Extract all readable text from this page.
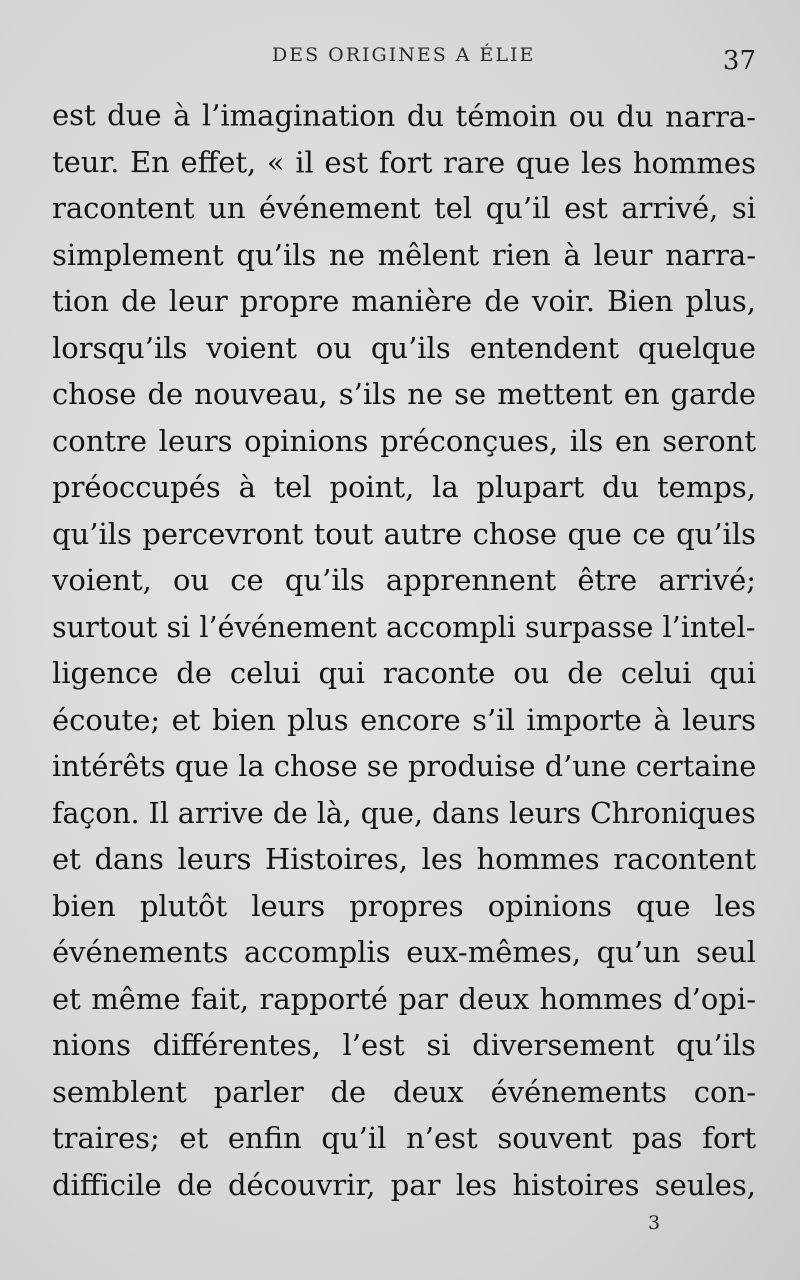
DES ORIGINES A ÉLIE	37
est due à l’imagination du témoin ou du narra-
teur. En effet, « il est fort rare que les hommes
racontent un événement tel qu’il est arrivé, si
simplement qu’ils ne mêlent rien à leur narra-
tion de leur propre manière de voir. Bien plus,
lorsqu’ils voient ou qu’ils entendent quelque
chose de nouveau, s’ils ne se mettent en garde
contre leurs opinions préconçues, ils en seront
préoccupés à tel point, la plupart du temps,
qu’ils percevront tout autre chose que ce qu’ils
voient, ou ce qu’ils apprennent être arrivé;
surtout si l’événement accompli surpasse l’intel-
ligence de celui qui raconte ou de celui qui
écoute; et bien plus encore s’il importe à leurs
intérêts que la chose se produise d’une certaine
façon. Il arrive de là, que, dans leurs Chroniques
et dans leurs Histoires, les hommes racontent
bien plutôt leurs propres opinions que les
événements accomplis eux-mêmes, qu’un seul
et même fait, rapporté par deux hommes d’opi-
nions différentes, l’est si diversement qu’ils
semblent parler de deux événements con-
traires; et enfin qu’il n’est souvent pas fort
difficile de découvrir, par les histoires seules,
3
